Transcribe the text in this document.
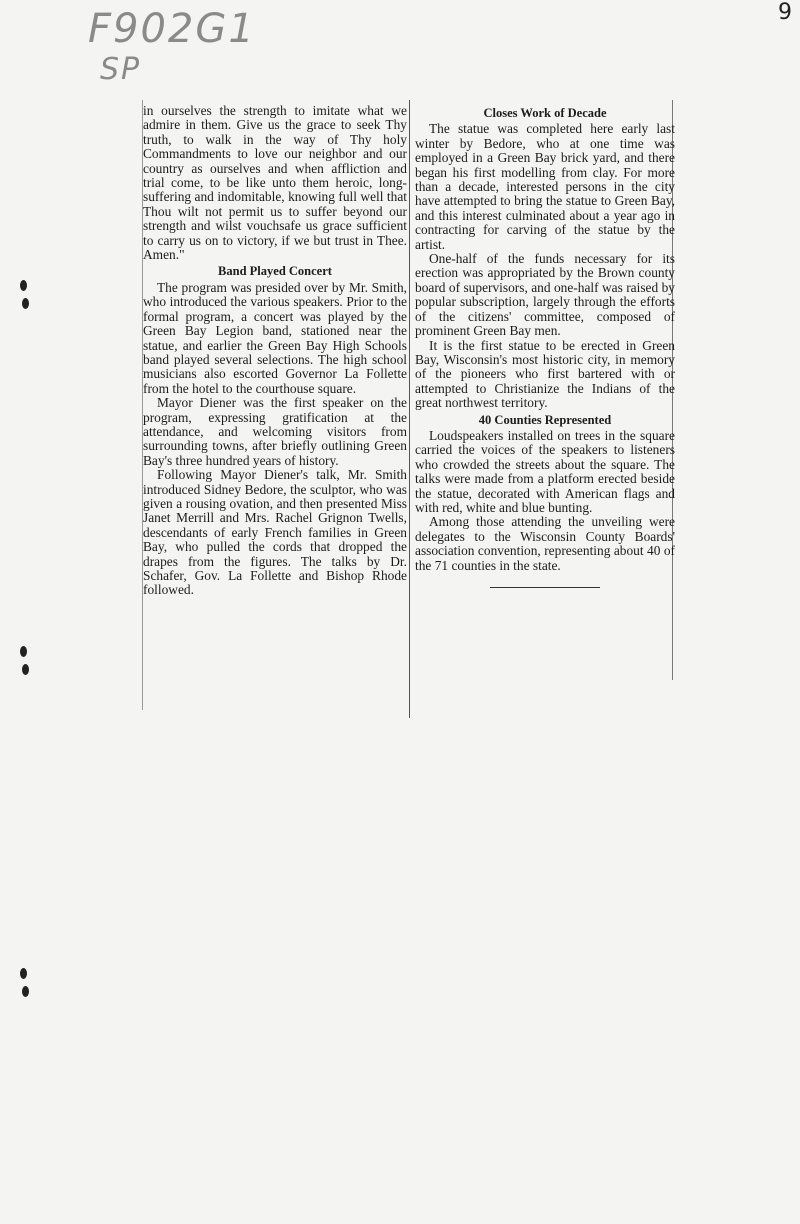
F902G1
SP
9

in ourselves the strength to imitate what we admire in them. Give us the grace to seek Thy truth, to walk in the way of Thy holy Commandments to love our neighbor and our country as ourselves and when affliction and trial come, to be like unto them heroic, long-suffering and indomitable, knowing full well that Thou wilt not permit us to suffer beyond our strength and wilst vouchsafe us grace sufficient to carry us on to victory, if we but trust in Thee. Amen."

Band Played Concert

The program was presided over by Mr. Smith, who introduced the various speakers. Prior to the formal program, a concert was played by the Green Bay Legion band, stationed near the statue, and earlier the Green Bay High Schools band played several selections. The high school musicians also escorted Governor La Follette from the hotel to the courthouse square.

Mayor Diener was the first speaker on the program, expressing gratification at the attendance, and welcoming visitors from surrounding towns, after briefly outlining Green Bay's three hundred years of history.

Following Mayor Diener's talk, Mr. Smith introduced Sidney Bedore, the sculptor, who was given a rousing ovation, and then presented Miss Janet Merrill and Mrs. Rachel Grignon Twells, descendants of early French families in Green Bay, who pulled the cords that dropped the drapes from the figures. The talks by Dr. Schafer, Gov. La Follette and Bishop Rhode followed.

Closes Work of Decade

The statue was completed here early last winter by Bedore, who at one time was employed in a Green Bay brick yard, and there began his first modelling from clay. For more than a decade, interested persons in the city have attempted to bring the statue to Green Bay, and this interest culminated about a year ago in contracting for carving of the statue by the artist.

One-half of the funds necessary for its erection was appropriated by the Brown county board of supervisors, and one-half was raised by popular subscription, largely through the efforts of the citizens' committee, composed of prominent Green Bay men.

It is the first statue to be erected in Green Bay, Wisconsin's most historic city, in memory of the pioneers who first bartered with or attempted to Christianize the Indians of the great northwest territory.

40 Counties Represented

Loudspeakers installed on trees in the square carried the voices of the speakers to listeners who crowded the streets about the square. The talks were made from a platform erected beside the statue, decorated with American flags and with red, white and blue bunting.

Among those attending the unveiling were delegates to the Wisconsin County Boards' association convention, representing about 40 of the 71 counties in the state.
